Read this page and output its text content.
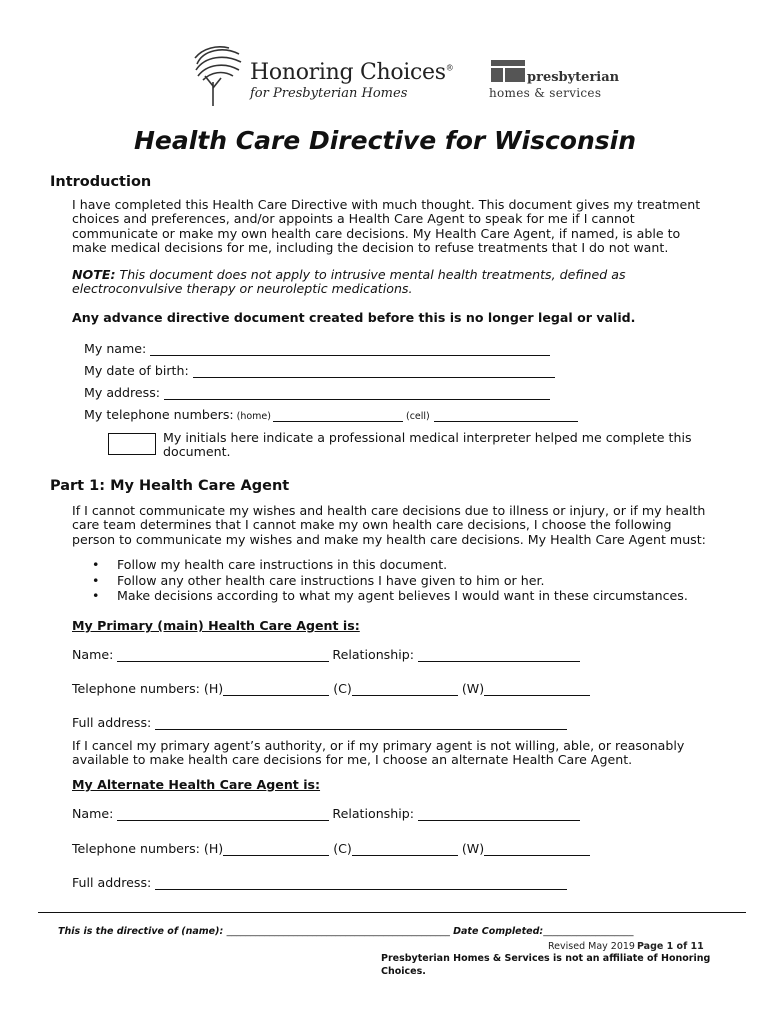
Honoring Choices®
for Presbyterian Homes
presbyterian
homes & services
Health Care Directive for Wisconsin
Introduction
I have completed this Health Care Directive with much thought. This document gives my treatment
choices and preferences, and/or appoints a Health Care Agent to speak for me if I cannot
communicate or make my own health care decisions. My Health Care Agent, if named, is able to
make medical decisions for me, including the decision to refuse treatments that I do not want.
NOTE: This document does not apply to intrusive mental health treatments, defined as
electroconvulsive therapy or neuroleptic medications.
Any advance directive document created before this is no longer legal or valid.
My name:
My date of birth:
My address:
My telephone numbers: (home)	(cell)
My initials here indicate a professional medical interpreter helped me complete this
document.
Part 1: My Health Care Agent
If I cannot communicate my wishes and health care decisions due to illness or injury, or if my health
care team determines that I cannot make my own health care decisions, I choose the following
person to communicate my wishes and make my health care decisions. My Health Care Agent must:
• Follow my health care instructions in this document.
• Follow any other health care instructions I have given to him or her.
• Make decisions according to what my agent believes I would want in these circumstances.
My Primary (main) Health Care Agent is:
Name:	Relationship:
Telephone numbers: (H)	(C)	(W)
Full address:
If I cancel my primary agent’s authority, or if my primary agent is not willing, able, or reasonably
available to make health care decisions for me, I choose an alternate Health Care Agent.
My Alternate Health Care Agent is:
Name:	Relationship:
Telephone numbers: (H)	(C)	(W)
Full address:
This is the directive of (name): _______________________________________________ Date Completed:___________________
Revised May 2019 Page 1 of 11
Presbyterian Homes & Services is not an affiliate of Honoring Choices.
